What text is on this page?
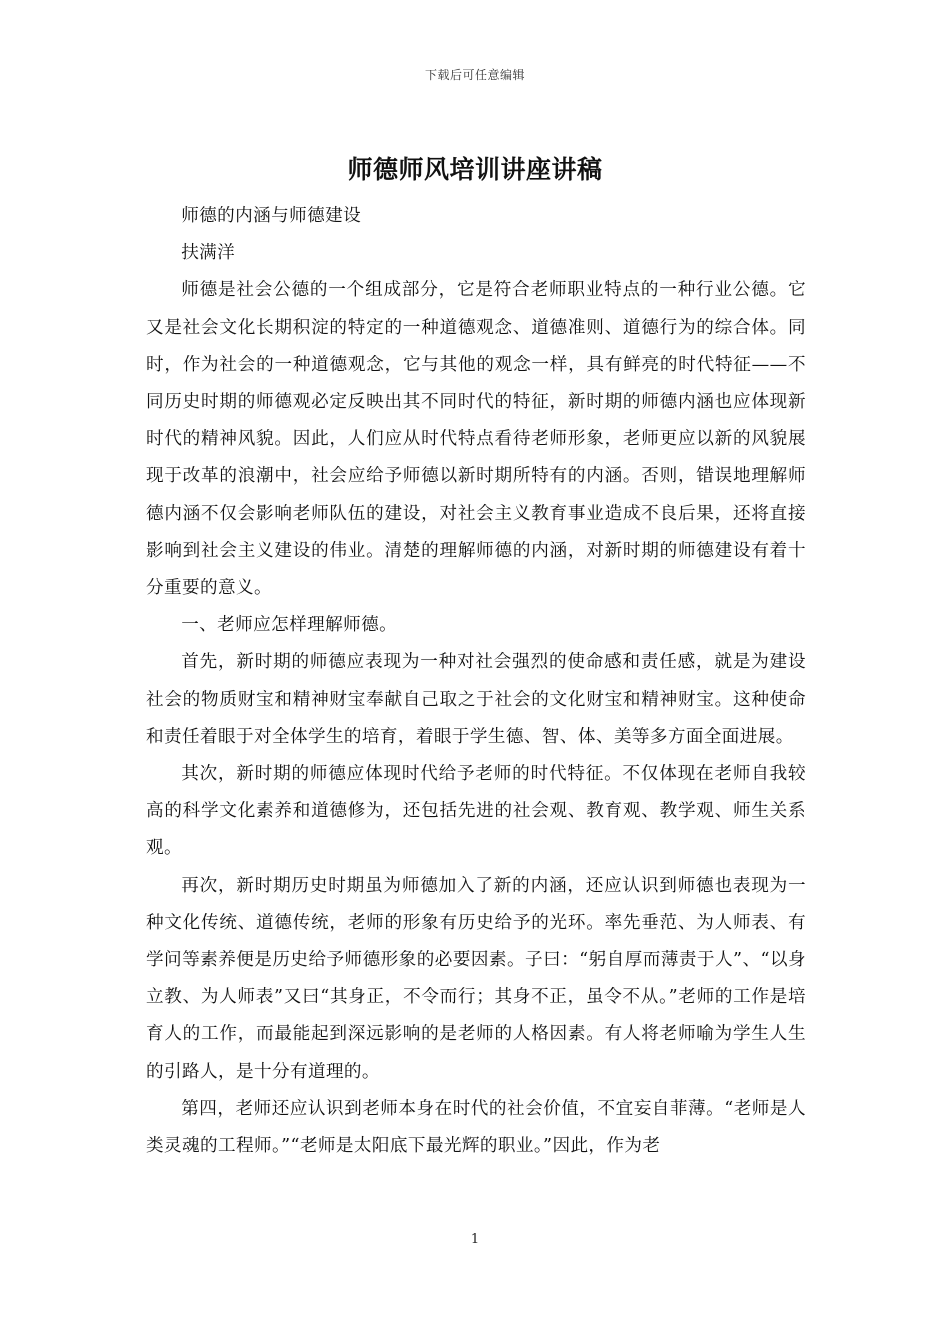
下载后可任意编辑
师德师风培训讲座讲稿

师德的内涵与师德建设

扶满洋

师德是社会公德的一个组成部分，它是符合老师职业特点的一种行业公德。它又是社会文化长期积淀的特定的一种道德观念、道德准则、道德行为的综合体。同时，作为社会的一种道德观念，它与其他的观念一样，具有鲜亮的时代特征——不同历史时期的师德观必定反映出其不同时代的特征，新时期的师德内涵也应体现新时代的精神风貌。因此，人们应从时代特点看待老师形象，老师更应以新的风貌展现于改革的浪潮中，社会应给予师德以新时期所特有的内涵。否则，错误地理解师德内涵不仅会影响老师队伍的建设，对社会主义教育事业造成不良后果，还将直接影响到社会主义建设的伟业。清楚的理解师德的内涵，对新时期的师德建设有着十分重要的意义。

一、老师应怎样理解师德。

首先，新时期的师德应表现为一种对社会强烈的使命感和责任感，就是为建设社会的物质财宝和精神财宝奉献自己取之于社会的文化财宝和精神财宝。这种使命和责任着眼于对全体学生的培育，着眼于学生德、智、体、美等多方面全面进展。

其次，新时期的师德应体现时代给予老师的时代特征。不仅体现在老师自我较高的科学文化素养和道德修为，还包括先进的社会观、教育观、教学观、师生关系观。

再次，新时期历史时期虽为师德加入了新的内涵，还应认识到师德也表现为一种文化传统、道德传统，老师的形象有历史给予的光环。率先垂范、为人师表、有学问等素养便是历史给予师德形象的必要因素。子曰：“躬自厚而薄责于人”、“以身立教、为人师表”又曰“其身正，不令而行；其身不正，虽令不从。”老师的工作是培育人的工作，而最能起到深远影响的是老师的人格因素。有人将老师喻为学生人生的引路人，是十分有道理的。

第四，老师还应认识到老师本身在时代的社会价值，不宜妄自菲薄。“老师是人类灵魂的工程师。”“老师是太阳底下最光辉的职业。”因此，作为老

1
